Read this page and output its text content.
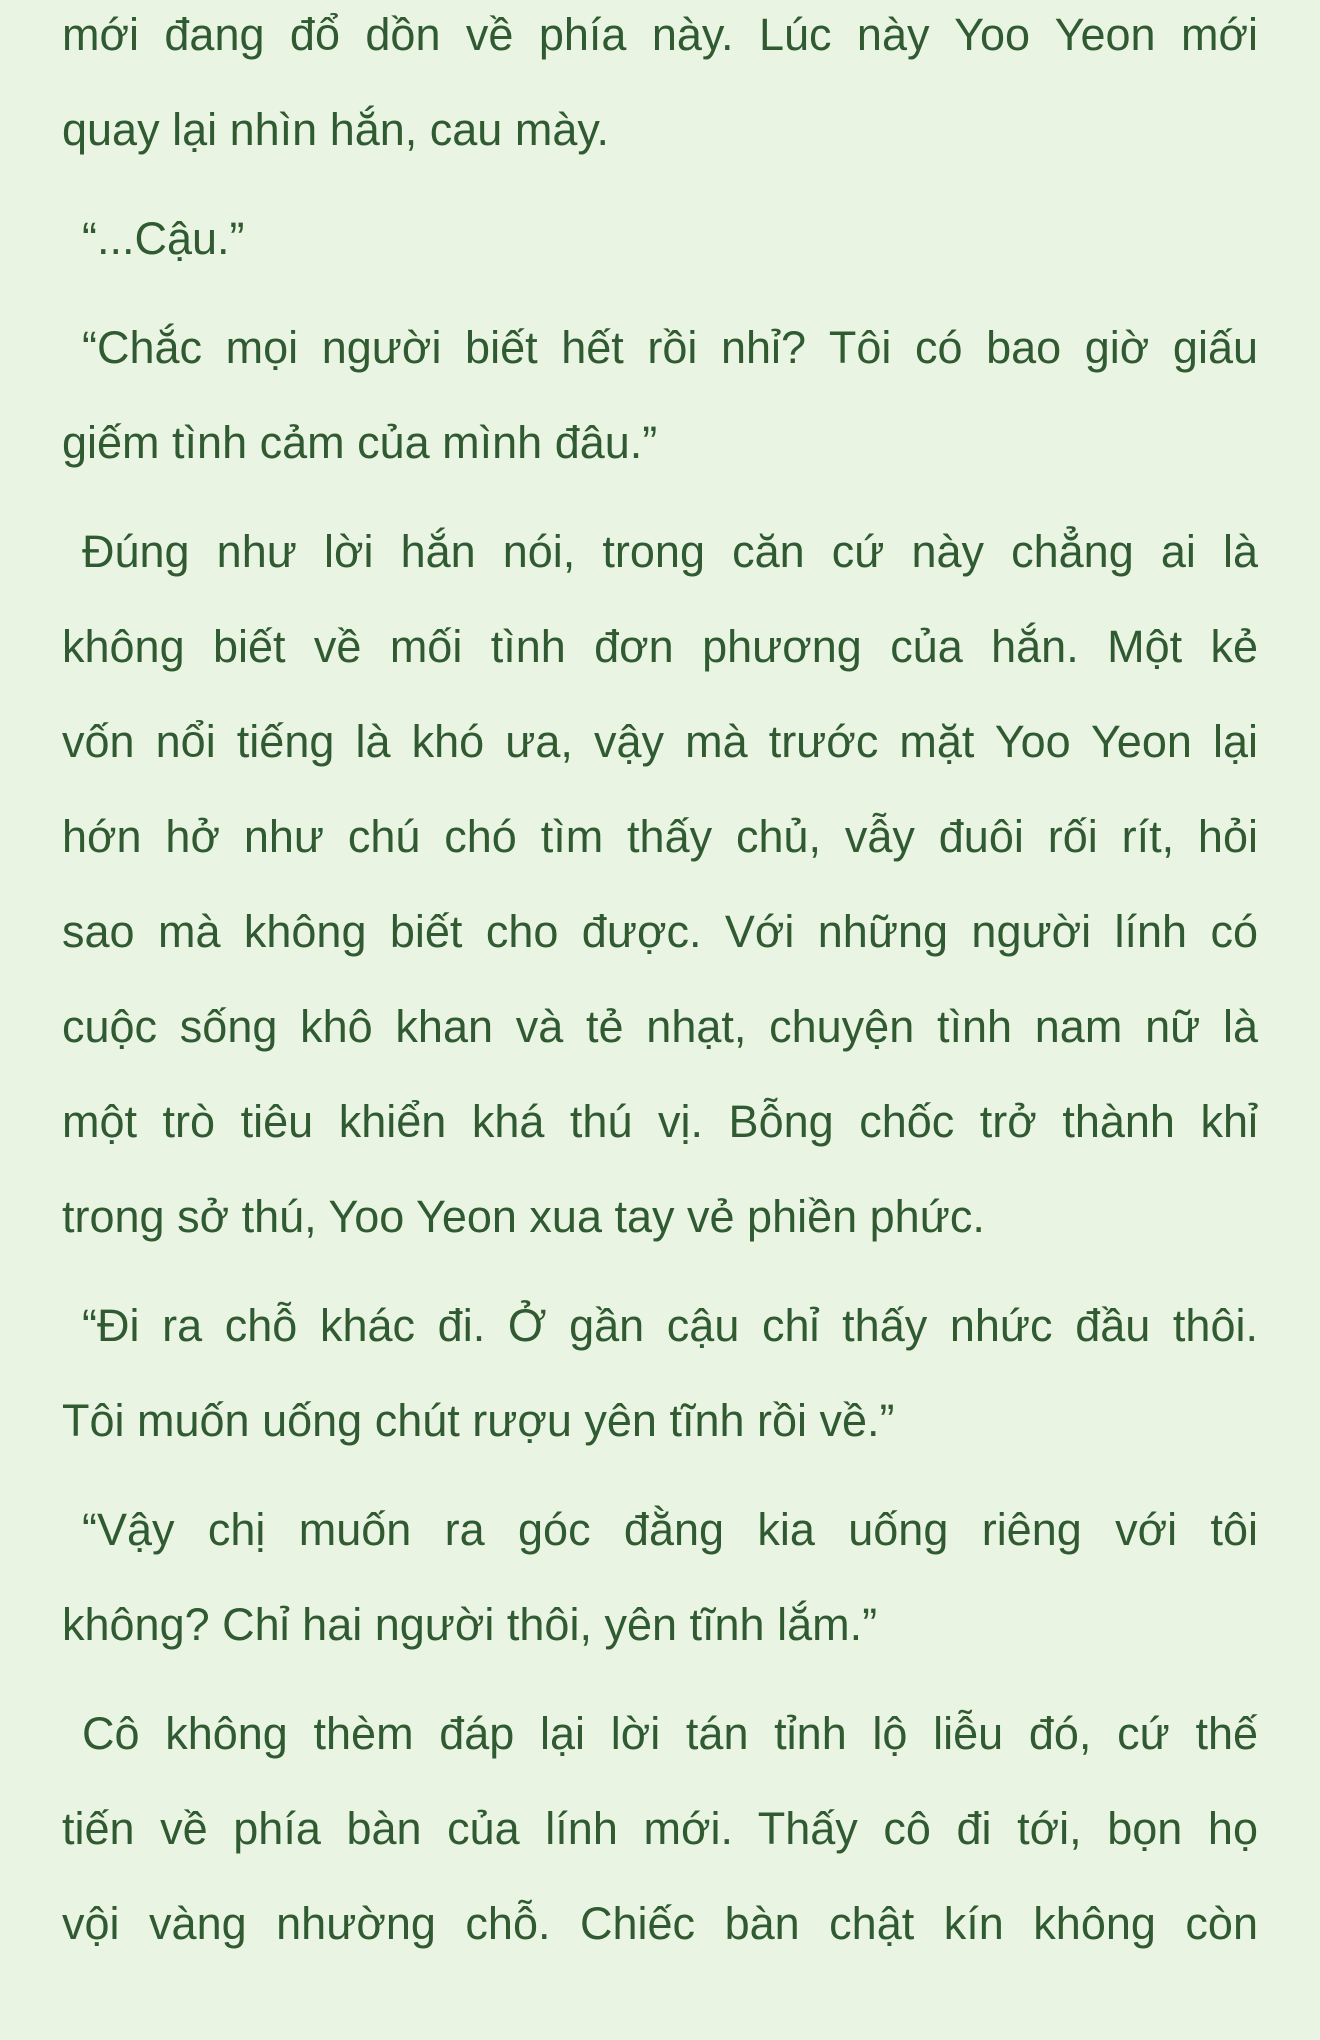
mới đang đổ dồn về phía này. Lúc này Yoo Yeon mới
quay lại nhìn hắn, cau mày.
“...Cậu.”
“Chắc mọi người biết hết rồi nhỉ? Tôi có bao giờ giấu
giếm tình cảm của mình đâu.”
Đúng như lời hắn nói, trong căn cứ này chẳng ai là
không biết về mối tình đơn phương của hắn. Một kẻ
vốn nổi tiếng là khó ưa, vậy mà trước mặt Yoo Yeon lại
hớn hở như chú chó tìm thấy chủ, vẫy đuôi rối rít, hỏi
sao mà không biết cho được. Với những người lính có
cuộc sống khô khan và tẻ nhạt, chuyện tình nam nữ là
một trò tiêu khiển khá thú vị. Bỗng chốc trở thành khỉ
trong sở thú, Yoo Yeon xua tay vẻ phiền phức.
“Đi ra chỗ khác đi. Ở gần cậu chỉ thấy nhức đầu thôi.
Tôi muốn uống chút rượu yên tĩnh rồi về.”
“Vậy chị muốn ra góc đằng kia uống riêng với tôi
không? Chỉ hai người thôi, yên tĩnh lắm.”
Cô không thèm đáp lại lời tán tỉnh lộ liễu đó, cứ thế
tiến về phía bàn của lính mới. Thấy cô đi tới, bọn họ
vội vàng nhường chỗ. Chiếc bàn chật kín không còn
